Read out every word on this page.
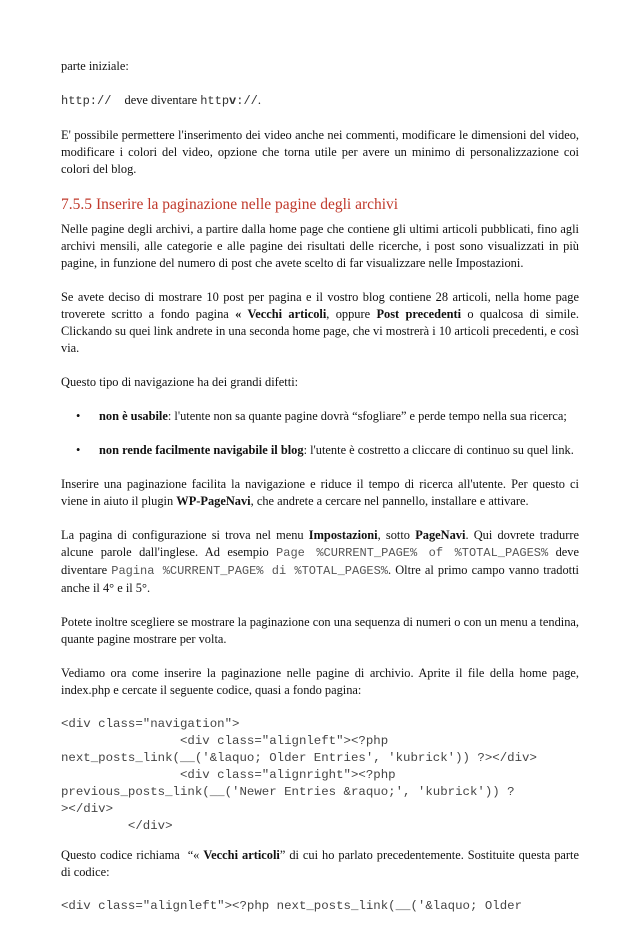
parte iniziale:

http:// deve diventare httpv://.

E' possibile permettere l'inserimento dei video anche nei commenti, modificare le dimensioni del video, modificare i colori del video, opzione che torna utile per avere un minimo di personalizzazione coi colori del blog.

7.5.5 Inserire la paginazione nelle pagine degli archivi

Nelle pagine degli archivi, a partire dalla home page che contiene gli ultimi articoli pubblicati, fino agli archivi mensili, alle categorie e alle pagine dei risultati delle ricerche, i post sono visualizzati in più pagine, in funzione del numero di post che avete scelto di far visualizzare nelle Impostazioni.

Se avete deciso di mostrare 10 post per pagina e il vostro blog contiene 28 articoli, nella home page troverete scritto a fondo pagina « Vecchi articoli, oppure Post precedenti o qualcosa di simile. Clickando su quei link andrete in una seconda home page, che vi mostrerà i 10 articoli precedenti, e così via.

Questo tipo di navigazione ha dei grandi difetti:

• non è usabile: l'utente non sa quante pagine dovrà “sfogliare” e perde tempo nella sua ricerca;
• non rende facilmente navigabile il blog: l'utente è costretto a cliccare di continuo su quel link.

Inserire una paginazione facilita la navigazione e riduce il tempo di ricerca all'utente. Per questo ci viene in aiuto il plugin WP-PageNavi, che andrete a cercare nel pannello, installare e attivare.

La pagina di configurazione si trova nel menu Impostazioni, sotto PageNavi. Qui dovrete tradurre alcune parole dall'inglese. Ad esempio Page %CURRENT_PAGE% of %TOTAL_PAGES% deve diventare Pagina %CURRENT_PAGE% di %TOTAL_PAGES%. Oltre al primo campo vanno tradotti anche il 4° e il 5°.

Potete inoltre scegliere se mostrare la paginazione con una sequenza di numeri o con un menu a tendina, quante pagine mostrare per volta.

Vediamo ora come inserire la paginazione nelle pagine di archivio. Aprite il file della home page, index.php e cercate il seguente codice, quasi a fondo pagina:

<div class="navigation">
<div class="alignleft"><?php
next_posts_link(__('&laquo; Older Entries', 'kubrick')) ?></div>
<div class="alignright"><?php
previous_posts_link(__('Newer Entries &raquo;', 'kubrick')) ?
></div>
</div>

Questo codice richiama “« Vecchi articoli” di cui ho parlato precedentemente. Sostituite questa parte di codice:

<div class="alignleft"><?php next_posts_link(__('&laquo; Older
